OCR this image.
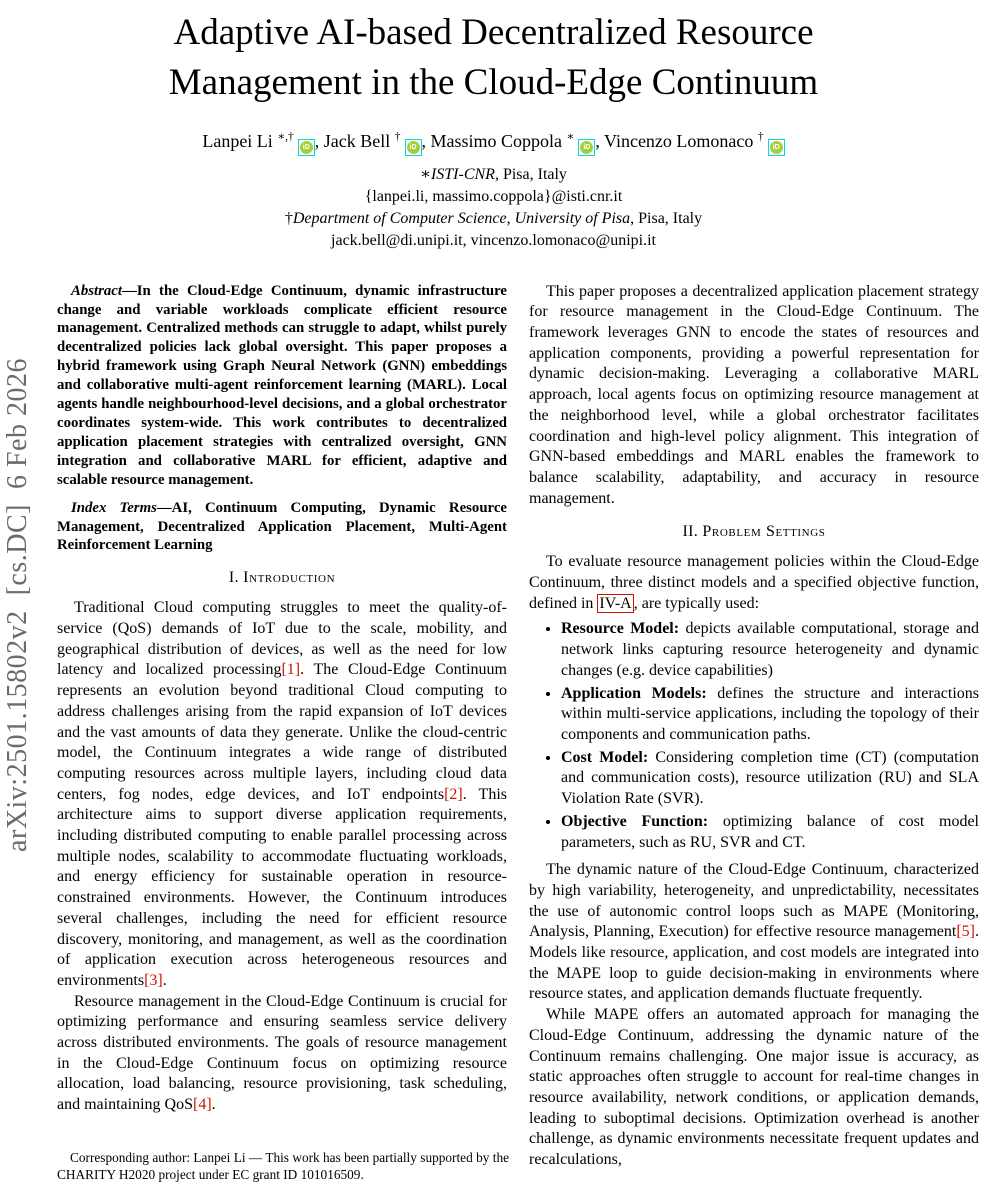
arXiv:2501.15802v2  [cs.DC]  6 Feb 2026
Adaptive AI-based Decentralized Resource
Management in the Cloud-Edge Continuum
Lanpei Li ∗,†iD , Jack Bell †iD , Massimo Coppola ∗iD , Vincenzo Lomonaco †iD
∗ISTI-CNR, Pisa, Italy
{lanpei.li, massimo.coppola}@isti.cnr.it
†Department of Computer Science, University of Pisa, Pisa, Italy
jack.bell@di.unipi.it, vincenzo.lomonaco@unipi.it

Abstract—In the Cloud-Edge Continuum, dynamic infrastructure change and variable workloads complicate efficient resource management. Centralized methods can struggle to adapt, whilst purely decentralized policies lack global oversight. This paper proposes a hybrid framework using Graph Neural Network (GNN) embeddings and collaborative multi-agent reinforcement learning (MARL). Local agents handle neighbourhood-level decisions, and a global orchestrator coordinates system-wide. This work contributes to decentralized application placement strategies with centralized oversight, GNN integration and collaborative MARL for efficient, adaptive and scalable resource management.

Index Terms—AI, Continuum Computing, Dynamic Resource Management, Decentralized Application Placement, Multi-Agent Reinforcement Learning

I. Introduction

Traditional Cloud computing struggles to meet the quality-of-service (QoS) demands of IoT due to the scale, mobility, and geographical distribution of devices, as well as the need for low latency and localized processing[1]. The Cloud-Edge Continuum represents an evolution beyond traditional Cloud computing to address challenges arising from the rapid expansion of IoT devices and the vast amounts of data they generate. Unlike the cloud-centric model, the Continuum integrates a wide range of distributed computing resources across multiple layers, including cloud data centers, fog nodes, edge devices, and IoT endpoints[2]. This architecture aims to support diverse application requirements, including distributed computing to enable parallel processing across multiple nodes, scalability to accommodate fluctuating workloads, and energy efficiency for sustainable operation in resource-constrained environments. However, the Continuum introduces several challenges, including the need for efficient resource discovery, monitoring, and management, as well as the coordination of application execution across heterogeneous resources and environments[3].

Resource management in the Cloud-Edge Continuum is crucial for optimizing performance and ensuring seamless service delivery across distributed environments. The goals of resource management in the Cloud-Edge Continuum focus on optimizing resource allocation, load balancing, resource provisioning, task scheduling, and maintaining QoS[4].

This paper proposes a decentralized application placement strategy for resource management in the Cloud-Edge Continuum. The framework leverages GNN to encode the states of resources and application components, providing a powerful representation for dynamic decision-making. Leveraging a collaborative MARL approach, local agents focus on optimizing resource management at the neighborhood level, while a global orchestrator facilitates coordination and high-level policy alignment. This integration of GNN-based embeddings and MARL enables the framework to balance scalability, adaptability, and accuracy in resource management.

II. Problem Settings

To evaluate resource management policies within the Cloud-Edge Continuum, three distinct models and a specified objective function, defined in IV-A , are typically used:

• Resource Model: depicts available computational, storage and network links capturing resource heterogeneity and dynamic changes (e.g. device capabilities)
• Application Models: defines the structure and interactions within multi-service applications, including the topology of their components and communication paths.
• Cost Model: Considering completion time (CT) (computation and communication costs), resource utilization (RU) and SLA Violation Rate (SVR).
• Objective Function: optimizing balance of cost model parameters, such as RU, SVR and CT.

The dynamic nature of the Cloud-Edge Continuum, characterized by high variability, heterogeneity, and unpredictability, necessitates the use of autonomic control loops such as MAPE (Monitoring, Analysis, Planning, Execution) for effective resource management[5]. Models like resource, application, and cost models are integrated into the MAPE loop to guide decision-making in environments where resource states, and application demands fluctuate frequently.

While MAPE offers an automated approach for managing the Cloud-Edge Continuum, addressing the dynamic nature of the Continuum remains challenging. One major issue is accuracy, as static approaches often struggle to account for real-time changes in resource availability, network conditions, or application demands, leading to suboptimal decisions. Optimization overhead is another challenge, as dynamic environments necessitate frequent updates and recalculations,

Corresponding author: Lanpei Li — This work has been partially supported by the CHARITY H2020 project under EC grant ID 101016509.
